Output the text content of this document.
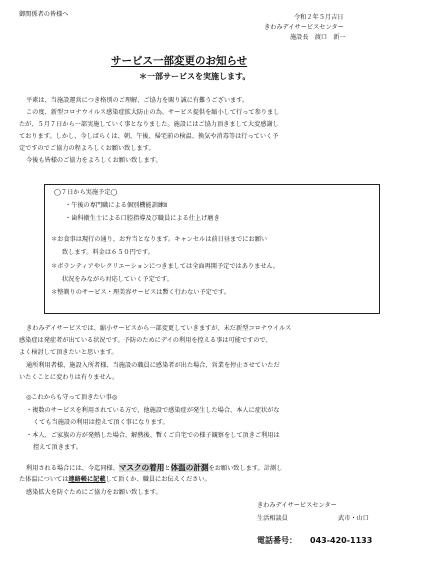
御関係者の皆様へ	令和２年５月吉日
きわみデイサービスセンター
施設長　渡口　新一
サービス一部変更のお知らせ
＊一部サービスを実施します。
平素は、当施設運営につき格別のご理解、ご協力を賜り誠に有難うございます。
この度、新型コロナウイルス感染症拡大防止の為、サービス提供を縮小して行って参りまし
たが、５月７日から一部実施していく事となりました。施設にはご協力頂きまして大変感謝し
ております。しかし、今しばらくは、朝、午後、帰宅前の検温、換気や消毒等は行っていく予
定ですのでご協力の程よろしくお願い致します。
今後も皆様のご協力をよろしくお願い致します。
◯７日から実施予定◯
・午後の専門職による個別機能訓練Ⅱ
・歯科衛生士による口腔指導及び職員による仕上げ磨き
＊お食事は現行の通り、お弁当となります。キャンセルは前日昼までにお願い
致します。料金は６５０円です。
＊ボランティアやレクリエーションにつきましては全面再開予定ではありません。
状況をみながら対応していく予定です。
＊整剃りのサービス・理美容サービスは暫く行わない予定です。
きわみデイサービスでは、縮小サービスから一部変更していきますが、未だ新型コロナウイルス
感染症は発症者が出ている状況です。予防のためにデイの利用を控える事は可能ですので、
よく検討して頂きたいと思います。
通所利用者様、施設入所者様、当施設の職員に感染者が出た場合、営業を停止させていただ
いたくことに変わりは有りません。
◎これからも守って頂きたい事◎
・複数のサービスを利用されている方で、他施設で感染症が発生した場合、本人に症状がな
くても当施設の利用は控えて頂く事になります。
・本人、ご家族の方が発熱した場合、解熱後、暫くご自宅での様子観察をして頂きご利用は
控えて頂きます。
利用される場合には、今迄同様、マスクの着用と体温の計測をお願い致します。計測し
た体温については連絡帳に記載して頂くか、職員にお伝えください。
感染拡大を防ぐためにご協力をお願い致します。
きわみデイサービスセンター
生活相談員	武市・山口
電話番号： 043-420-1133
